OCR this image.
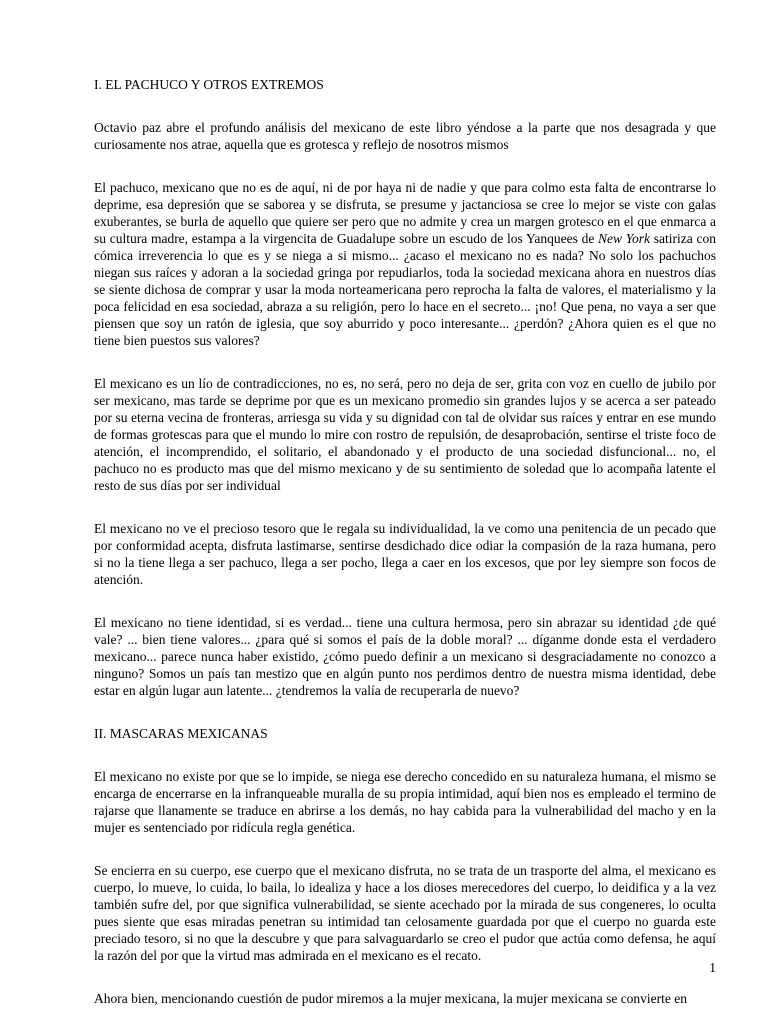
I. EL PACHUCO Y OTROS EXTREMOS

Octavio paz abre el profundo análisis del mexicano de este libro yéndose a la parte que nos desagrada y que curiosamente nos atrae, aquella que es grotesca y reflejo de nosotros mismos

El pachuco, mexicano que no es de aquí, ni de por haya ni de nadie y que para colmo esta falta de encontrarse lo deprime, esa depresión que se saborea y se disfruta, se presume y jactanciosa se cree lo mejor se viste con galas exuberantes, se burla de aquello que quiere ser pero que no admite y crea un margen grotesco en el que enmarca a su cultura madre, estampa a la virgencita de Guadalupe sobre un escudo de los Yanquees de New York satiriza con cómica irreverencia lo que es y se niega a si mismo... ¿acaso el mexicano no es nada? No solo los pachuchos niegan sus raíces y adoran a la sociedad gringa por repudiarlos, toda la sociedad mexicana ahora en nuestros días se siente dichosa de comprar y usar la moda norteamericana pero reprocha la falta de valores, el materialismo y la poca felicidad en esa sociedad, abraza a su religión, pero lo hace en el secreto... ¡no! Que pena, no vaya a ser que piensen que soy un ratón de iglesia, que soy aburrido y poco interesante... ¿perdón? ¿Ahora quien es el que no tiene bien puestos sus valores?

El mexicano es un lío de contradicciones, no es, no será, pero no deja de ser, grita con voz en cuello de jubilo por ser mexicano, mas tarde se deprime por que es un mexicano promedio sin grandes lujos y se acerca a ser pateado por su eterna vecina de fronteras, arriesga su vida y su dignidad con tal de olvidar sus raíces y entrar en ese mundo de formas grotescas para que el mundo lo mire con rostro de repulsión, de desaprobación, sentirse el triste foco de atención, el incomprendido, el solitario, el abandonado y el producto de una sociedad disfuncional... no, el pachuco no es producto mas que del mismo mexicano y de su sentimiento de soledad que lo acompaña latente el resto de sus días por ser individual

El mexicano no ve el precioso tesoro que le regala su individualidad, la ve como una penitencia de un pecado que por conformidad acepta, disfruta lastimarse, sentirse desdichado dice odiar la compasión de la raza humana, pero si no la tiene llega a ser pachuco, llega a ser pocho, llega a caer en los excesos, que por ley siempre son focos de atención.

El mexicano no tiene identidad, si es verdad... tiene una cultura hermosa, pero sin abrazar su identidad ¿de qué vale? ... bien tiene valores... ¿para qué si somos el país de la doble moral? ... díganme donde esta el verdadero mexicano... parece nunca haber existido, ¿cómo puedo definir a un mexicano si desgraciadamente no conozco a ninguno? Somos un país tan mestizo que en algún punto nos perdimos dentro de nuestra misma identidad, debe estar en algún lugar aun latente... ¿tendremos la valía de recuperarla de nuevo?

II. MASCARAS MEXICANAS

El mexicano no existe por que se lo impide, se niega ese derecho concedido en su naturaleza humana, el mismo se encarga de encerrarse en la infranqueable muralla de su propia intimidad, aquí bien nos es empleado el termino de rajarse que llanamente se traduce en abrirse a los demás, no hay cabida para la vulnerabilidad del macho y en la mujer es sentenciado por ridícula regla genética.

Se encierra en su cuerpo, ese cuerpo que el mexicano disfruta, no se trata de un trasporte del alma, el mexicano es cuerpo, lo mueve, lo cuida, lo baila, lo idealiza y hace a los dioses merecedores del cuerpo, lo deidifica y a la vez también sufre del, por que significa vulnerabilidad, se siente acechado por la mirada de sus congeneres, lo oculta pues siente que esas miradas penetran su intimidad tan celosamente guardada por que el cuerpo no guarda este preciado tesoro, si no que la descubre y que para salvaguardarlo se creo el pudor que actúa como defensa, he aquí la razón del por que la virtud mas admirada en el mexicano es el recato.

Ahora bien, mencionando cuestión de pudor miremos a la mujer mexicana, la mujer mexicana se convierte en

1
